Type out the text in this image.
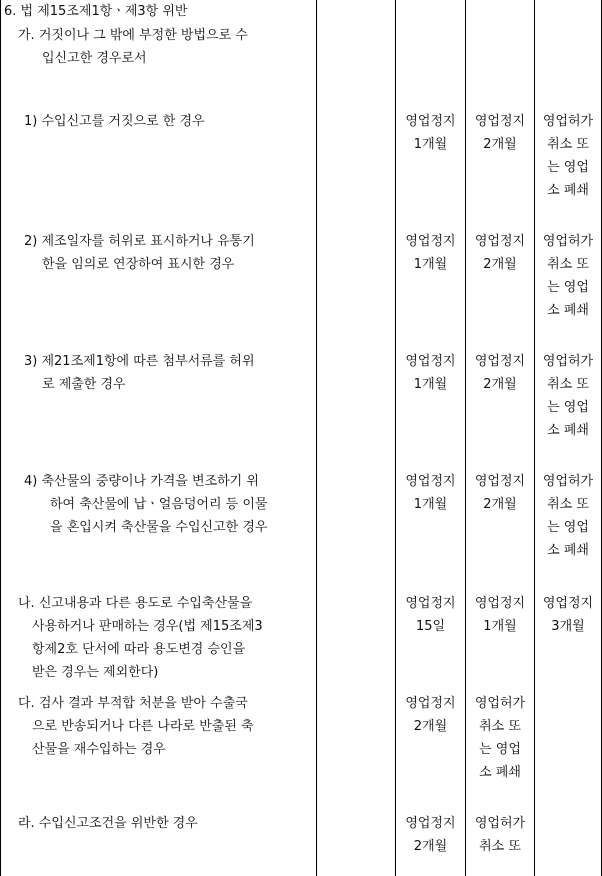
6. 법 제15조제1항ㆍ제3항 위반
가. 거짓이나 그 밖에 부정한 방법으로 수
입신고한 경우로서
1) 수입신고를 거짓으로 한 경우	영업정지
1개월
영업정지
2개월
영업허가
취소 또
는 영업
소 폐쇄
2) 제조일자를 허위로 표시하거나 유통기
한을 임의로 연장하여 표시한 경우
영업정지
1개월
영업정지
2개월
영업허가
취소 또
는 영업
소 폐쇄
3) 제21조제1항에 따른 첨부서류를 허위
로 제출한 경우
영업정지
1개월
영업정지
2개월
영업허가
취소 또
는 영업
소 폐쇄
4) 축산물의 중량이나 가격을 변조하기 위
하여 축산물에 납ㆍ얼음덩어리 등 이물
을 혼입시켜 축산물을 수입신고한 경우
영업정지
1개월
영업정지
2개월
영업허가
취소 또
는 영업
소 폐쇄
나. 신고내용과 다른 용도로 수입축산물을
사용하거나 판매하는 경우(법 제15조제3
항제2호 단서에 따라 용도변경 승인을
받은 경우는 제외한다)
영업정지
15일
영업정지
1개월
영업정지
3개월
다. 검사 결과 부적합 처분을 받아 수출국
으로 반송되거나 다른 나라로 반출된 축
산물을 재수입하는 경우
영업정지
2개월
영업허가
취소 또
는 영업
소 폐쇄
라. 수입신고조건을 위반한 경우	영업정지
2개월
영업허가
취소 또
